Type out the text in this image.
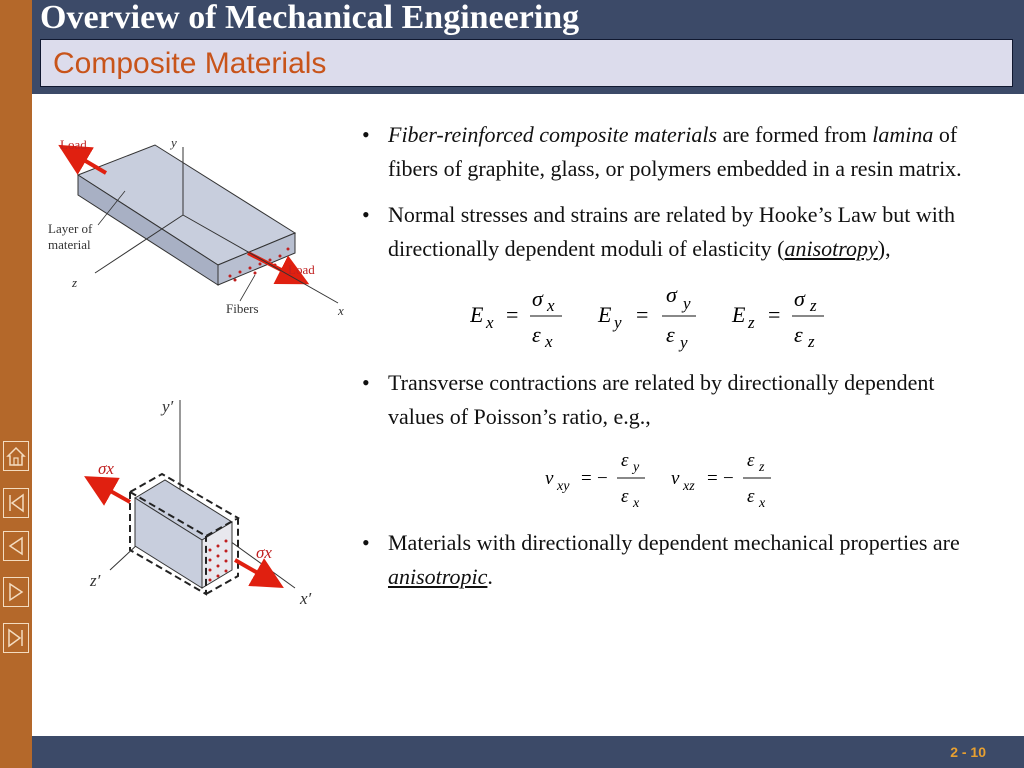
Overview of Mechanical Engineering
Composite Materials
Load
Load
y
z
x
Layer of
material
Fibers
y′
z′
x′
σx
σx
• Fiber-reinforced composite materials are formed from lamina of fibers of graphite, glass, or polymers embedded in a resin matrix.

• Normal stresses and strains are related by Hooke’s Law but with directionally dependent moduli of elasticity (anisotropy),

E x =
σ x
ε x
E y =
σ y
ε y
E z =
σ z
ε z
• Transverse contractions are related by directionally dependent values of Poisson’s ratio, e.g.,

ν xy = −
ε y
ε x
ν xz = −
ε z
ε x
• Materials with directionally dependent mechanical properties are anisotropic.

2 - 10
